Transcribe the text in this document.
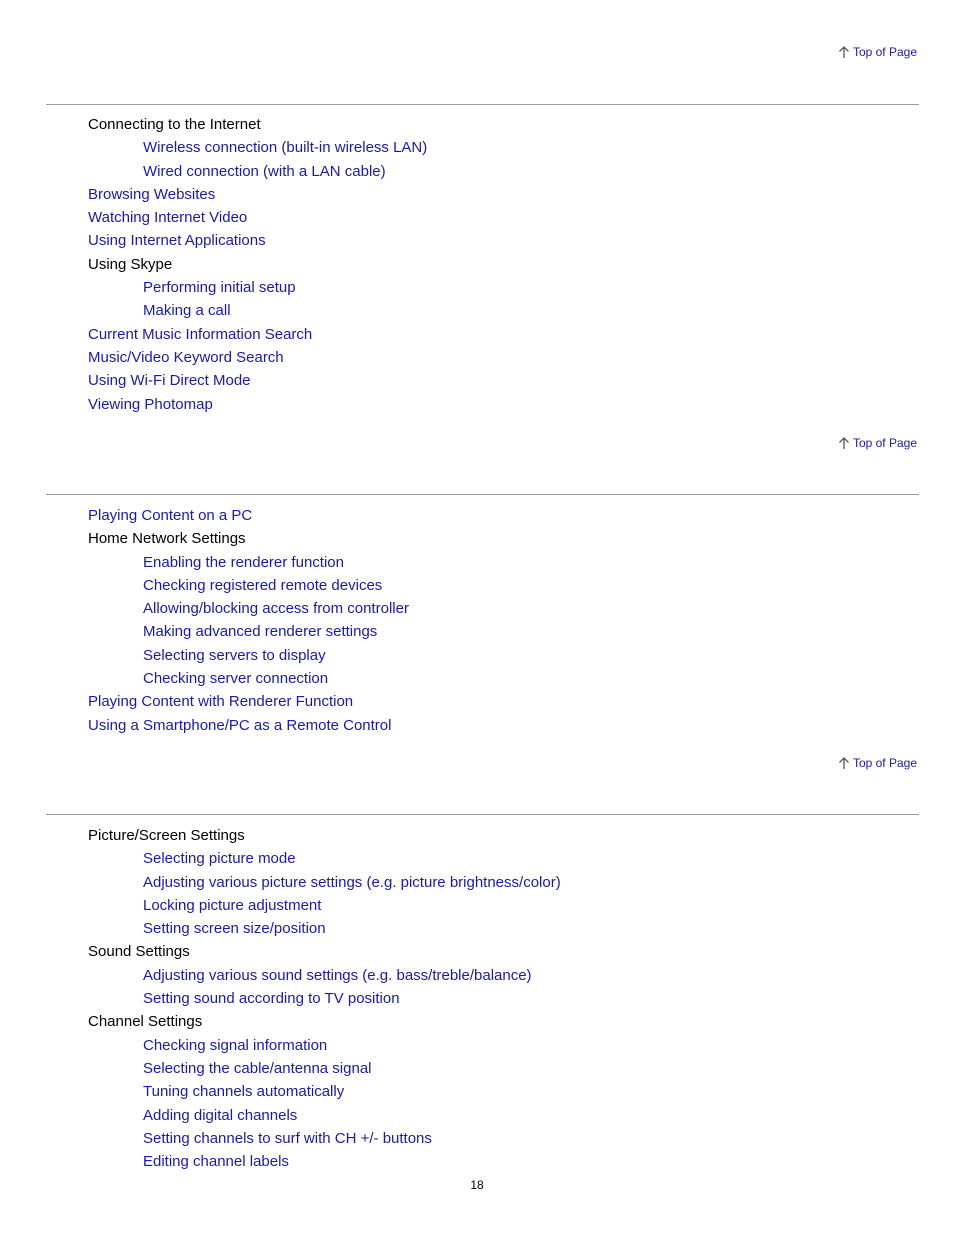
Top of Page
Connecting to the Internet
Wireless connection (built-in wireless LAN)
Wired connection (with a LAN cable)
Browsing Websites
Watching Internet Video
Using Internet Applications
Using Skype
Performing initial setup
Making a call
Current Music Information Search
Music/Video Keyword Search
Using Wi-Fi Direct Mode
Viewing Photomap
Top of Page
Playing Content on a PC
Home Network Settings
Enabling the renderer function
Checking registered remote devices
Allowing/blocking access from controller
Making advanced renderer settings
Selecting servers to display
Checking server connection
Playing Content with Renderer Function
Using a Smartphone/PC as a Remote Control
Top of Page
Picture/Screen Settings
Selecting picture mode
Adjusting various picture settings (e.g. picture brightness/color)
Locking picture adjustment
Setting screen size/position
Sound Settings
Adjusting various sound settings (e.g. bass/treble/balance)
Setting sound according to TV position
Channel Settings
Checking signal information
Selecting the cable/antenna signal
Tuning channels automatically
Adding digital channels
Setting channels to surf with CH +/- buttons
Editing channel labels
18
